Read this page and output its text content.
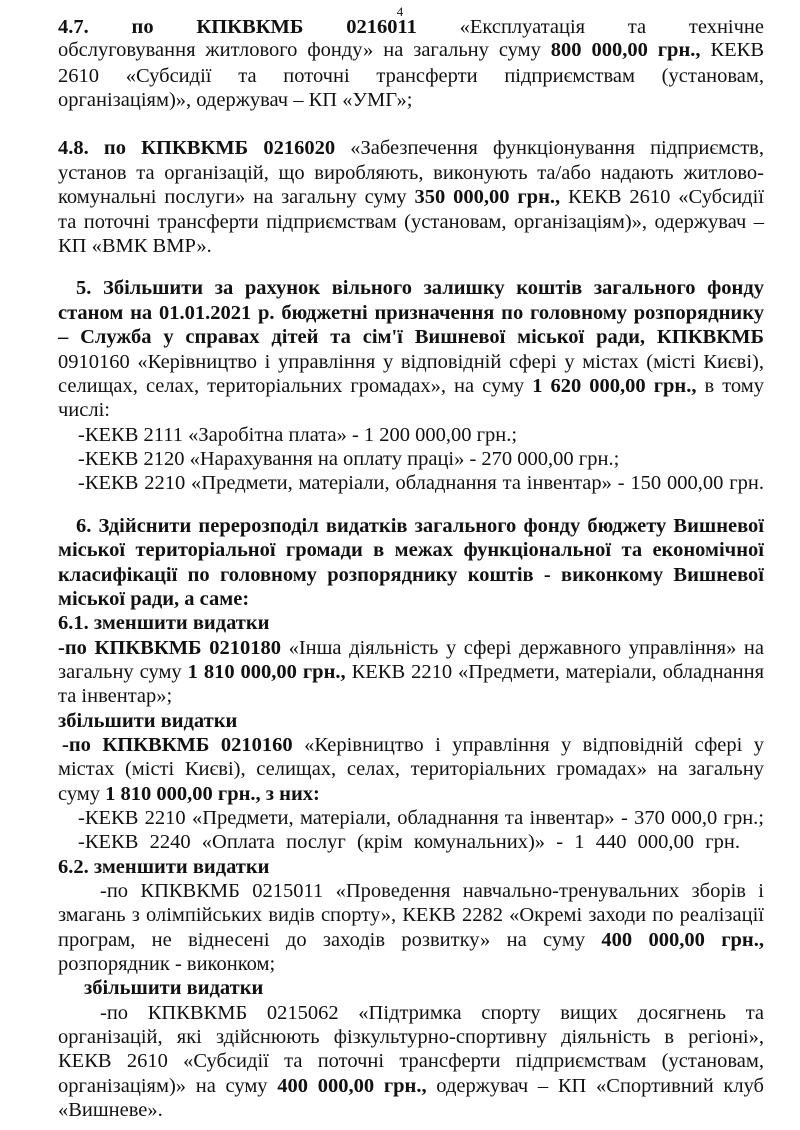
4
4.7. по КПКВКМБ 0216011 «Експлуатація та технічне
обслуговування житлового фонду» на загальну суму 800 000,00 грн., КЕКВ
2610 «Субсидії та поточні трансферти підприємствам (установам,
організаціям)», одержувач – КП «УМГ»;
4.8. по КПКВКМБ 0216020 «Забезпечення функціонування підприємств,
установ та організацій, що виробляють, виконують та/або надають житлово-
комунальні послуги» на загальну суму 350 000,00 грн., КЕКВ 2610 «Субсидії
та поточні трансферти підприємствам (установам, організаціям)», одержувач –
КП «ВМК ВМР».
5. Збільшити за рахунок вільного залишку коштів загального фонду
станом на 01.01.2021 р. бюджетні призначення по головному розпоряднику
– Служба у справах дітей та сім'ї Вишневої міської ради, КПКВКМБ
0910160 «Керівництво і управління у відповідній сфері у містах (місті Києві),
селищах, селах, територіальних громадах», на суму 1 620 000,00 грн., в тому
числі:
-КЕКВ 2111 «Заробітна плата» - 1 200 000,00 грн.;
-КЕКВ 2120 «Нарахування на оплату праці» - 270 000,00 грн.;
-КЕКВ 2210 «Предмети, матеріали, обладнання та інвентар» - 150 000,00 грн.
6. Здійснити перерозподіл видатків загального фонду бюджету Вишневої
міської територіальної громади в межах функціональної та економічної
класифікації по головному розпоряднику коштів - виконкому Вишневої
міської ради, а саме:
6.1. зменшити видатки
-по КПКВКМБ 0210180 «Інша діяльність у сфері державного управління» на
загальну суму 1 810 000,00 грн., КЕКВ 2210 «Предмети, матеріали, обладнання
та інвентар»;
збільшити видатки
-по КПКВКМБ 0210160 «Керівництво і управління у відповідній сфері у
містах (місті Києві), селищах, селах, територіальних громадах» на загальну
суму 1 810 000,00 грн., з них:
-КЕКВ 2210 «Предмети, матеріали, обладнання та інвентар» - 370 000,0 грн.;
-КЕКВ 2240 «Оплата послуг (крім комунальних)» - 1 440 000,00 грн.
6.2. зменшити видатки
-по КПКВКМБ 0215011 «Проведення навчально-тренувальних зборів і
змагань з олімпійських видів спорту», КЕКВ 2282 «Окремі заходи по реалізації
програм, не віднесені до заходів розвитку» на суму 400 000,00 грн.,
розпорядник - виконком;
збільшити видатки
-по КПКВКМБ 0215062 «Підтримка спорту вищих досягнень та
організацій, які здійснюють фізкультурно-спортивну діяльність в регіоні»,
КЕКВ 2610 «Субсидії та поточні трансферти підприємствам (установам,
організаціям)» на суму 400 000,00 грн., одержувач – КП «Спортивний клуб
«Вишневе».
